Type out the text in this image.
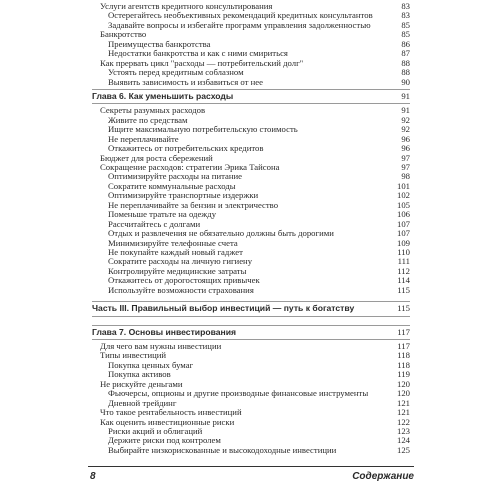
Услуги агентств кредитного консультирования	83
Остерегайтесь необъективных рекомендаций кредитных консультантов	83
Задавайте вопросы и избегайте программ управления задолженностью	85
Банкротство	85
Преимущества банкротства	86
Недостатки банкротства и как с ними смириться	87
Как прервать цикл "расходы — потребительский долг"	88
Устоять перед кредитным соблазном	88
Выявить зависимость и избавиться от нее	90
Глава 6. Как уменьшить расходы	91
Секреты разумных расходов	91
Живите по средствам	92
Ищите максимальную потребительскую стоимость	92
Не переплачивайте	96
Откажитесь от потребительских кредитов	96
Бюджет для роста сбережений	97
Сокращение расходов: стратегии Эрика Тайсона	97
Оптимизируйте расходы на питание	98
Сократите коммунальные расходы	101
Оптимизируйте транспортные издержки	102
Не переплачивайте за бензин и электричество	105
Поменьше тратьте на одежду	106
Рассчитайтесь с долгами	107
Отдых и развлечения не обязательно должны быть дорогими	107
Минимизируйте телефонные счета	109
Не покупайте каждый новый гаджет	110
Сократите расходы на личную гигиену	111
Контролируйте медицинские затраты	112
Откажитесь от дорогостоящих привычек	114
Используйте возможности страхования	115
Часть III. Правильный выбор инвестиций — путь к богатству	115
Глава 7. Основы инвестирования	117
Для чего вам нужны инвестиции	117
Типы инвестиций	118
Покупка ценных бумаг	118
Покупка активов	119
Не рискуйте деньгами	120
Фьючерсы, опционы и другие производные финансовые инструменты	120
Дневной трейдинг	121
Что такое рентабельность инвестиций	121
Как оценить инвестиционные риски	122
Риски акций и облигаций	123
Держите риски под контролем	124
Выбирайте низкорискованные и высокодоходные инвестиции	125
8	Содержание
